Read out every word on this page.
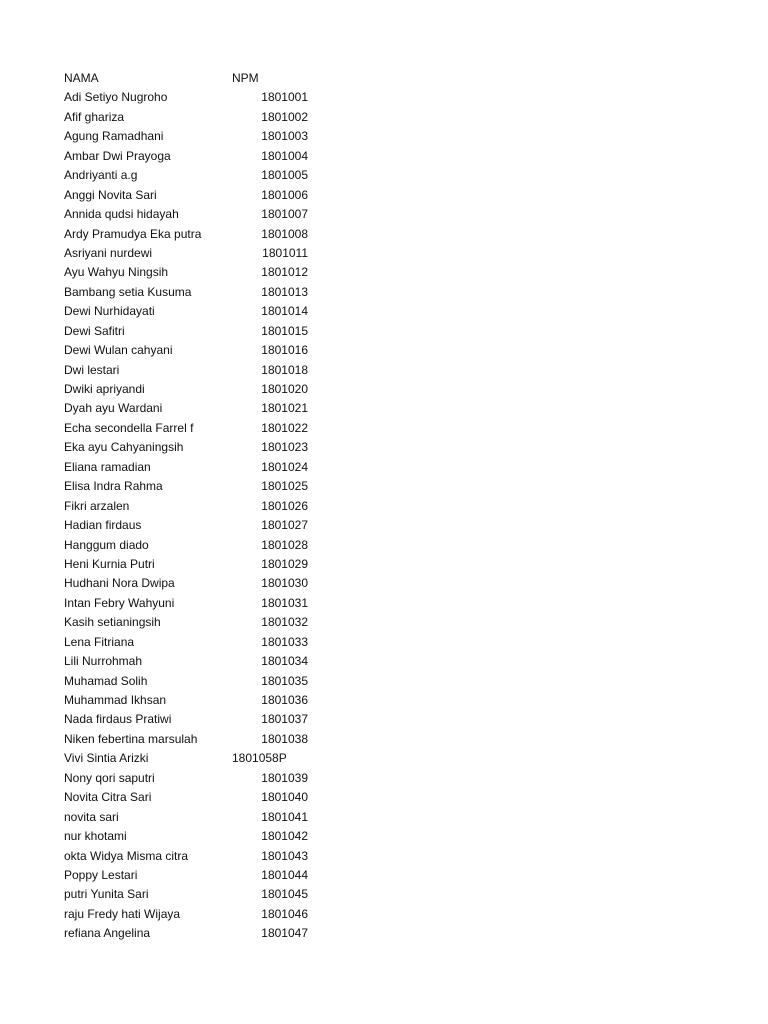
NAMA	NPM
Adi Setiyo Nugroho	1801001
Afif ghariza	1801002
Agung Ramadhani	1801003
Ambar Dwi Prayoga	1801004
Andriyanti a.g	1801005
Anggi Novita Sari	1801006
Annida qudsi hidayah	1801007
Ardy Pramudya Eka putra	1801008
Asriyani nurdewi	1801011
Ayu Wahyu Ningsih	1801012
Bambang setia Kusuma	1801013
Dewi Nurhidayati	1801014
Dewi Safitri	1801015
Dewi Wulan cahyani	1801016
Dwi lestari	1801018
Dwiki apriyandi	1801020
Dyah ayu Wardani	1801021
Echa secondella Farrel f	1801022
Eka ayu Cahyaningsih	1801023
Eliana ramadian	1801024
Elisa Indra Rahma	1801025
Fikri arzalen	1801026
Hadian firdaus	1801027
Hanggum diado	1801028
Heni Kurnia Putri	1801029
Hudhani Nora Dwipa	1801030
Intan Febry Wahyuni	1801031
Kasih setianingsih	1801032
Lena Fitriana	1801033
Lili Nurrohmah	1801034
Muhamad Solih	1801035
Muhammad Ikhsan	1801036
Nada firdaus Pratiwi	1801037
Niken febertina marsulah	1801038
Vivi Sintia Arizki	1801058P
Nony qori saputri	1801039
Novita Citra Sari	1801040
novita sari	1801041
nur khotami	1801042
okta Widya Misma citra	1801043
Poppy Lestari	1801044
putri Yunita Sari	1801045
raju Fredy hati Wijaya	1801046
refiana Angelina	1801047
